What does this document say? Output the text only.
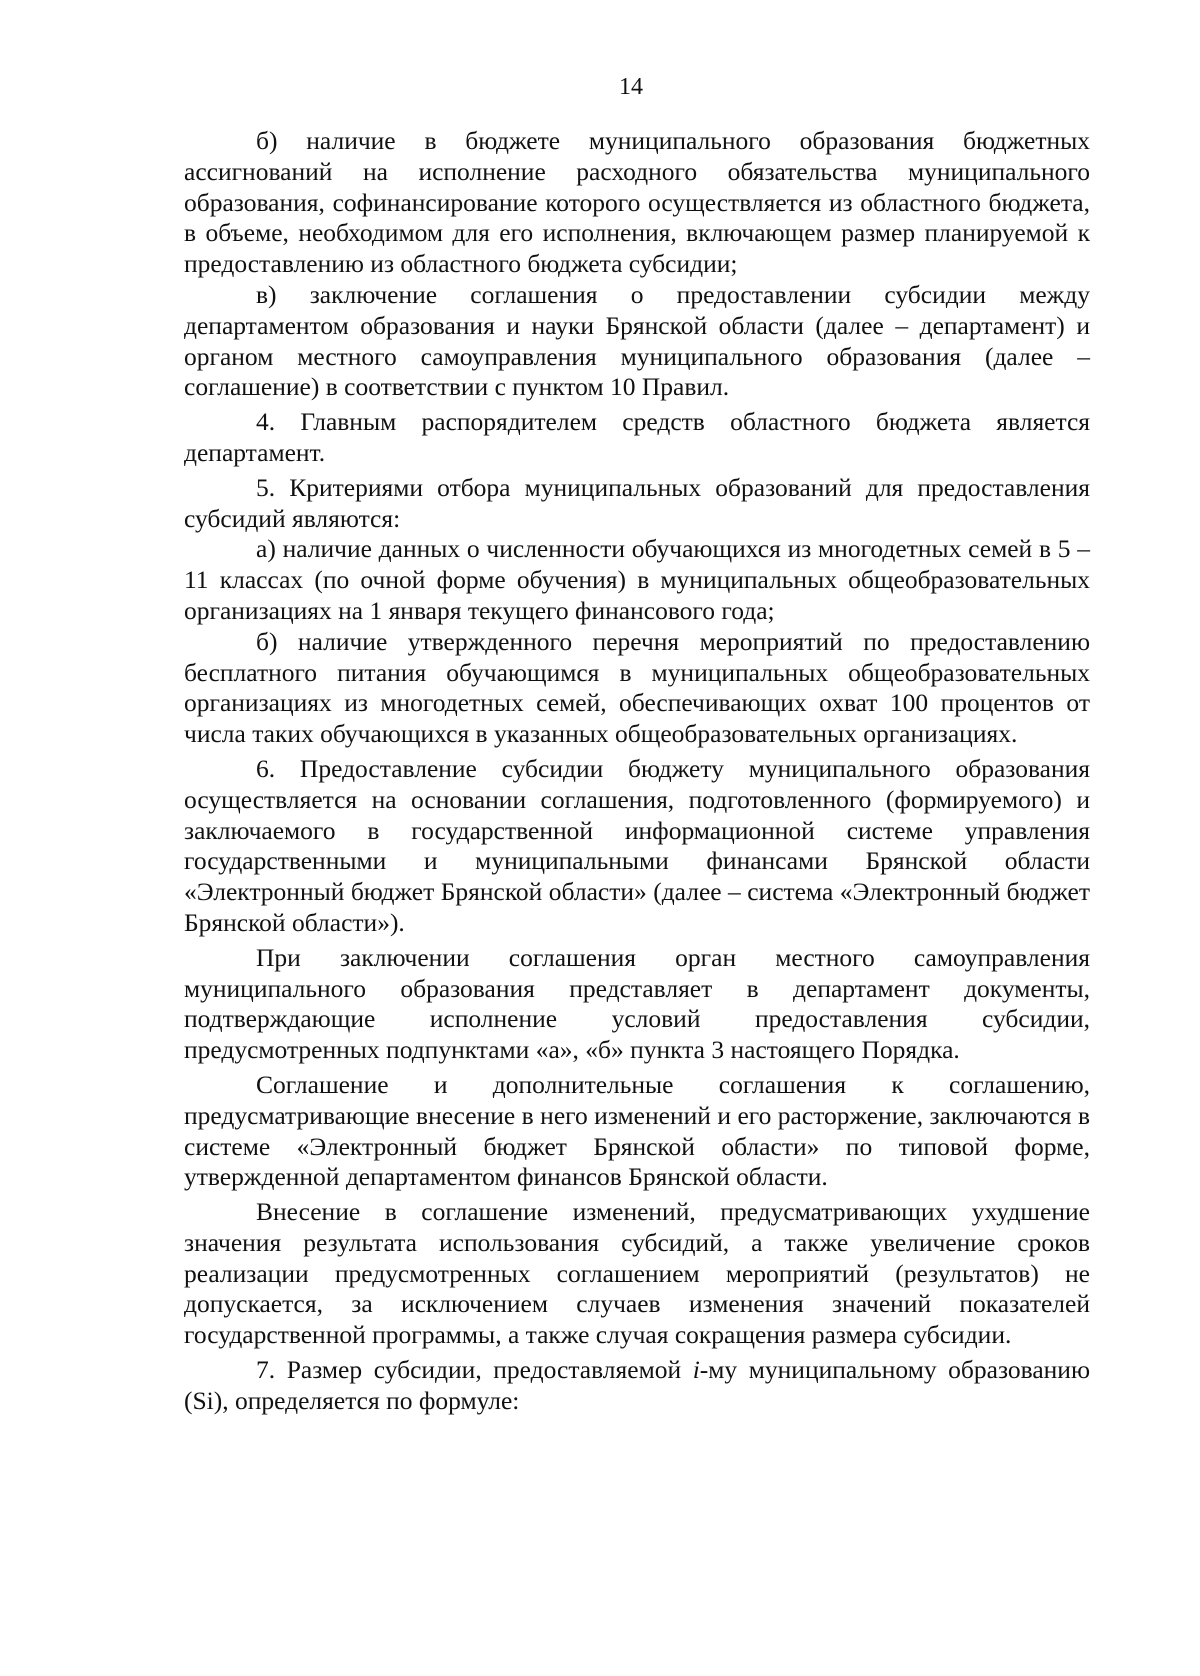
14

б) наличие в бюджете муниципального образования бюджетных ассигнований на исполнение расходного обязательства муниципального образования, софинансирование которого осуществляется из областного бюджета, в объеме, необходимом для его исполнения, включающем размер планируемой к предоставлению из областного бюджета субсидии;

в) заключение соглашения о предоставлении субсидии между департаментом образования и науки Брянской области (далее – департамент) и органом местного самоуправления муниципального образования (далее – соглашение) в соответствии с пунктом 10 Правил.

4. Главным распорядителем средств областного бюджета является департамент.

5. Критериями отбора муниципальных образований для предоставления субсидий являются:

а) наличие данных о численности обучающихся из многодетных семей в 5 – 11 классах (по очной форме обучения) в муниципальных общеобразовательных организациях на 1 января текущего финансового года;

б) наличие утвержденного перечня мероприятий по предоставлению бесплатного питания обучающимся в муниципальных общеобразовательных организациях из многодетных семей, обеспечивающих охват 100 процентов от числа таких обучающихся в указанных общеобразовательных организациях.

6. Предоставление субсидии бюджету муниципального образования осуществляется на основании соглашения, подготовленного (формируемого) и заключаемого в государственной информационной системе управления государственными и муниципальными финансами Брянской области «Электронный бюджет Брянской области» (далее – система «Электронный бюджет Брянской области»).

При заключении соглашения орган местного самоуправления муниципального образования представляет в департамент документы, подтверждающие исполнение условий предоставления субсидии, предусмотренных подпунктами «а», «б» пункта 3 настоящего Порядка.

Соглашение и дополнительные соглашения к соглашению, предусматривающие внесение в него изменений и его расторжение, заключаются в системе «Электронный бюджет Брянской области» по типовой форме, утвержденной департаментом финансов Брянской области.

Внесение в соглашение изменений, предусматривающих ухудшение значения результата использования субсидий, а также увеличение сроков реализации предусмотренных соглашением мероприятий (результатов) не допускается, за исключением случаев изменения значений показателей государственной программы, а также случая сокращения размера субсидии.

7. Размер субсидии, предоставляемой i-му муниципальному образованию (Si), определяется по формуле:
